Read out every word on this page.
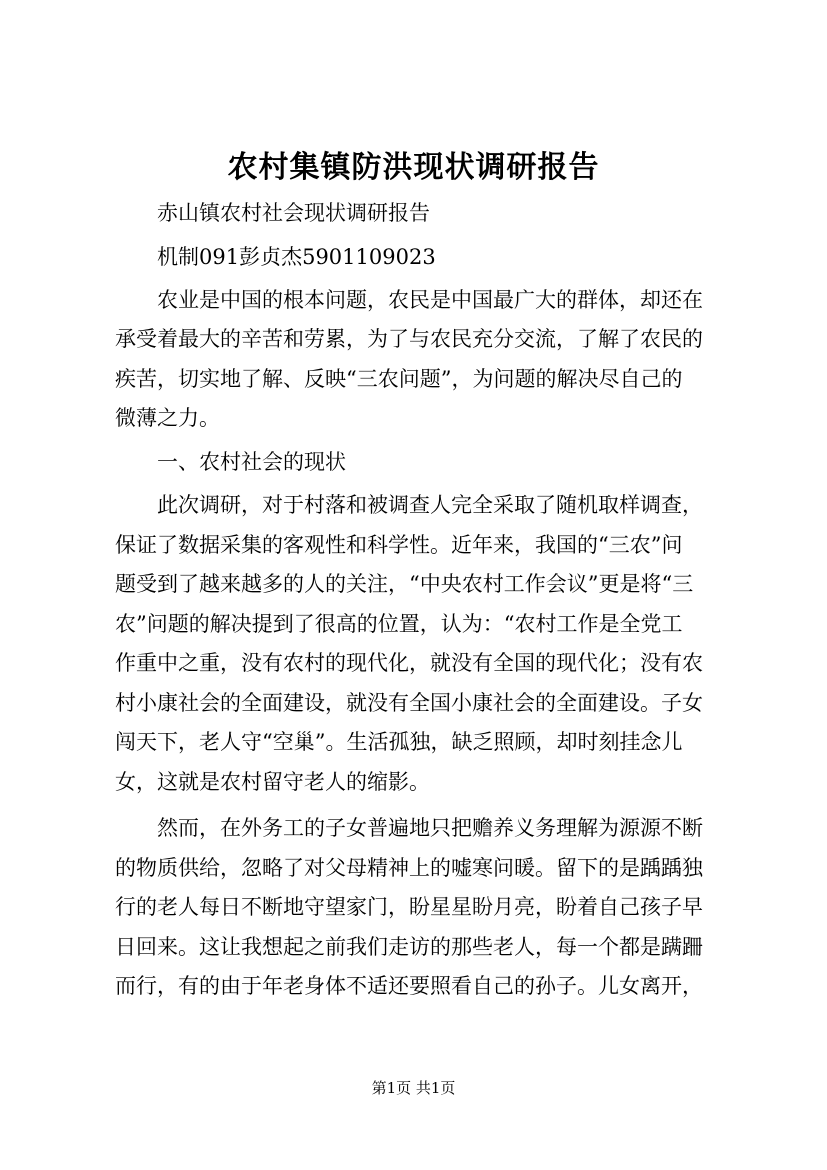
农村集镇防洪现状调研报告

　　赤山镇农村社会现状调研报告

　　机制091彭贞杰5901109023

　　农业是中国的根本问题，农民是中国最广大的群体，却还在

承受着最大的辛苦和劳累，为了与农民充分交流，了解了农民的

疾苦，切实地了解、反映“三农问题”，为问题的解决尽自己的

微薄之力。

　　一、农村社会的现状

　　此次调研，对于村落和被调查人完全采取了随机取样调查，

保证了数据采集的客观性和科学性。近年来，我国的“三农”问

题受到了越来越多的人的关注，“中央农村工作会议”更是将“三

农”问题的解决提到了很高的位置，认为：“农村工作是全党工

作重中之重，没有农村的现代化，就没有全国的现代化；没有农

村小康社会的全面建设，就没有全国小康社会的全面建设。子女

闯天下，老人守“空巢”。生活孤独，缺乏照顾，却时刻挂念儿

女，这就是农村留守老人的缩影。

　　然而，在外务工的子女普遍地只把赡养义务理解为源源不断

的物质供给，忽略了对父母精神上的嘘寒问暖。留下的是踽踽独

行的老人每日不断地守望家门，盼星星盼月亮，盼着自己孩子早

日回来。这让我想起之前我们走访的那些老人，每一个都是蹒跚

而行，有的由于年老身体不适还要照看自己的孙子。儿女离开，

第1页 共1页
